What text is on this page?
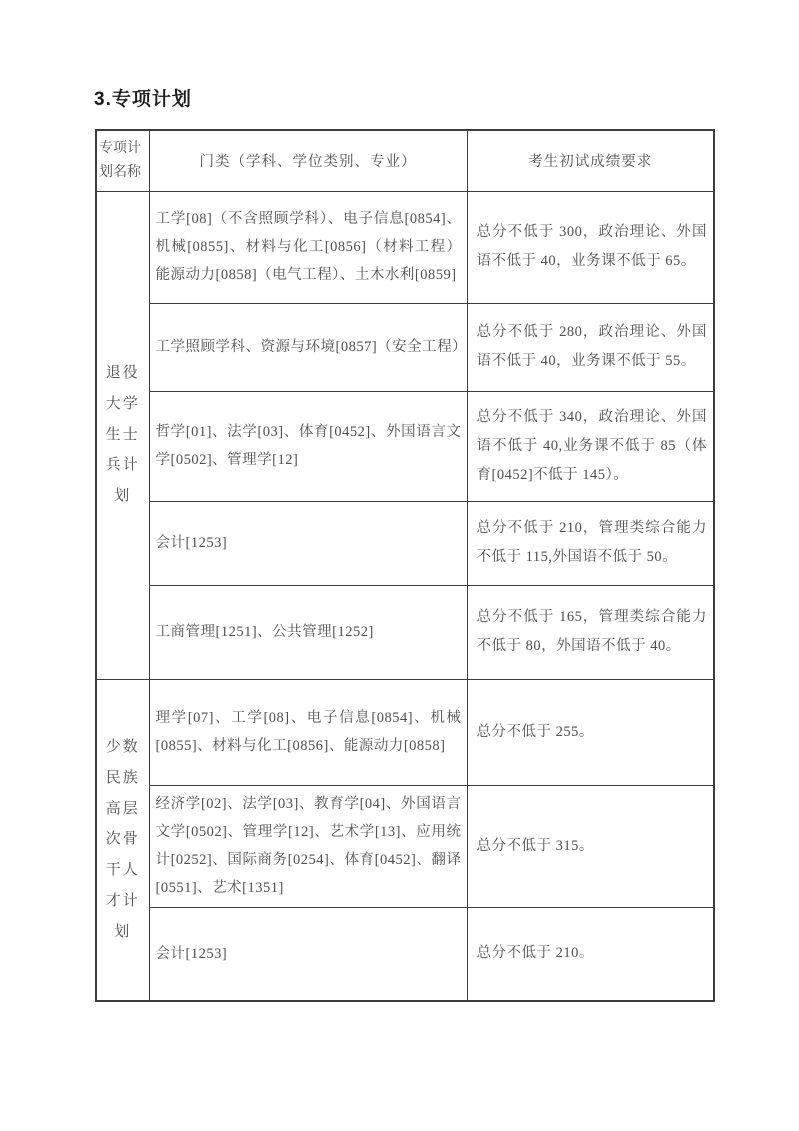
3.专项计划
专项计划名称	门类（学科、学位类别、专业）	考生初试成绩要求
退役大学生士兵计划	工学[08]（不含照顾学科）、电子信息[0854]、机械[0855]、材料与化工[0856]（材料工程）能源动力[0858]（电气工程）、土木水利[0859]	总分不低于 300，政治理论、外国语不低于 40，业务课不低于 65。
	工学照顾学科、资源与环境[0857]（安全工程）	总分不低于 280，政治理论、外国语不低于 40，业务课不低于 55。
	哲学[01]、法学[03]、体育[0452]、外国语言文学[0502]、管理学[12]	总分不低于 340，政治理论、外国语不低于 40,业务课不低于 85（体育[0452]不低于 145）。
	会计[1253]	总分不低于 210，管理类综合能力不低于 115,外国语不低于 50。
	工商管理[1251]、公共管理[1252]	总分不低于 165，管理类综合能力不低于 80，外国语不低于 40。
少数民族高层次骨干人才计划	理学[07]、工学[08]、电子信息[0854]、机械[0855]、材料与化工[0856]、能源动力[0858]	总分不低于 255。
	经济学[02]、法学[03]、教育学[04]、外国语言文学[0502]、管理学[12]、艺术学[13]、应用统计[0252]、国际商务[0254]、体育[0452]、翻译[0551]、艺术[1351]	总分不低于 315。
	会计[1253]	总分不低于 210。
